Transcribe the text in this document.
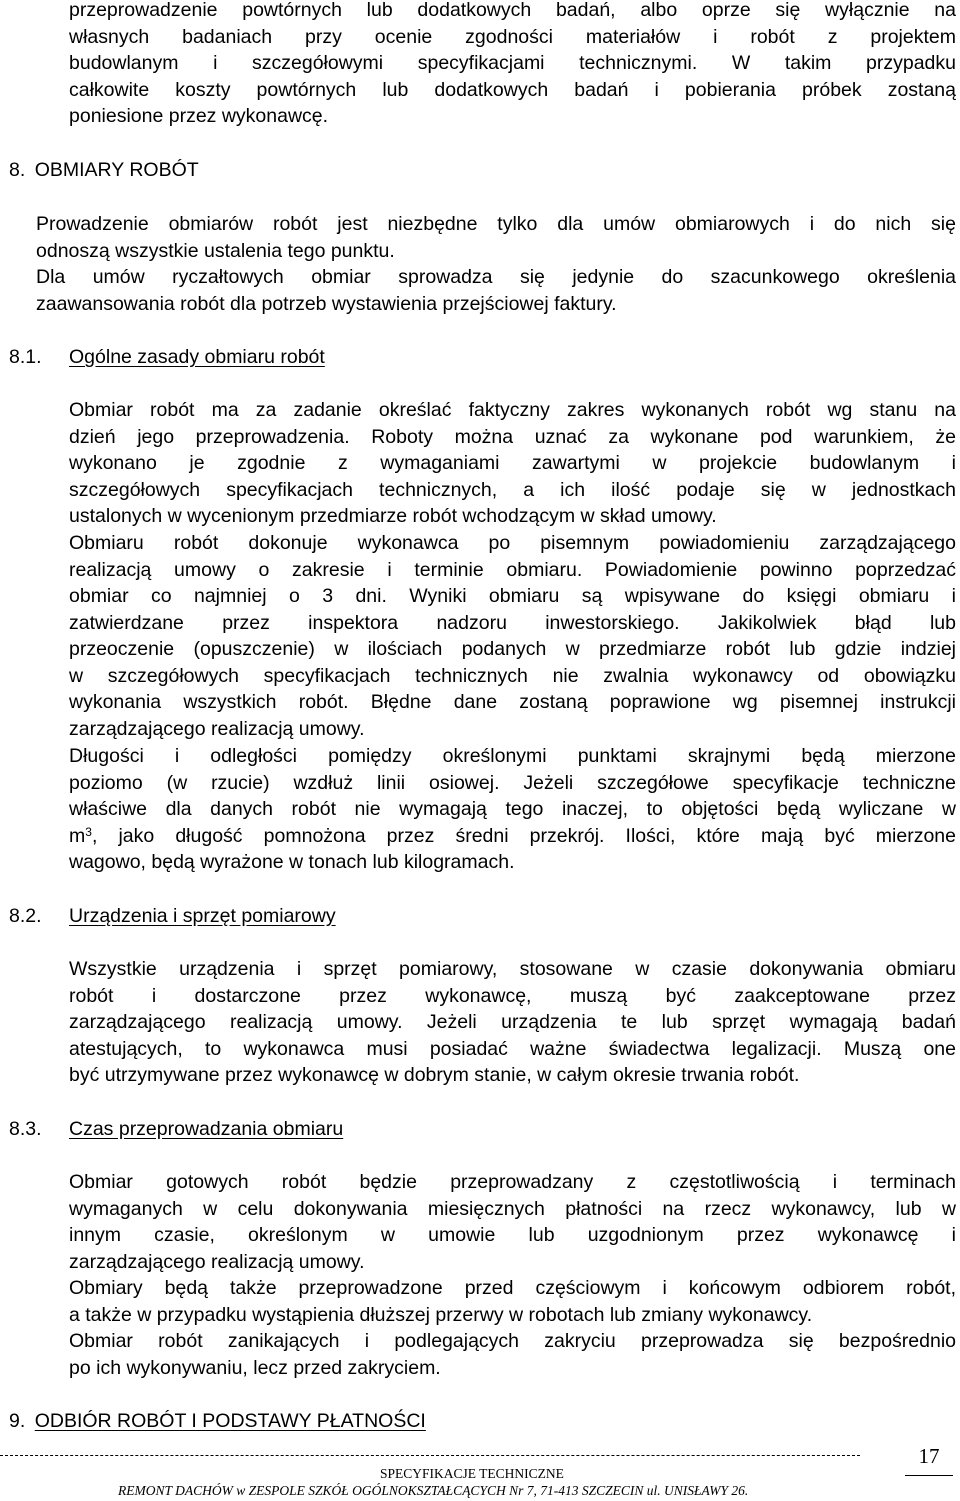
przeprowadzenie powtórnych lub dodatkowych badań, albo oprze się wyłącznie na

własnych badaniach przy ocenie zgodności materiałów i robót z projektem

budowlanym i szczegółowymi specyfikacjami technicznymi. W takim przypadku

całkowite koszty powtórnych lub dodatkowych badań i pobierania próbek zostaną

poniesione przez wykonawcę.

8. OBMIARY ROBÓT

Prowadzenie obmiarów robót jest niezbędne tylko dla umów obmiarowych i do nich się

odnoszą wszystkie ustalenia tego punktu.

Dla umów ryczałtowych obmiar sprowadza się jedynie do szacunkowego określenia

zaawansowania robót dla potrzeb wystawienia przejściowej faktury.

8.1. Ogólne zasady obmiaru robót

Obmiar robót ma za zadanie określać faktyczny zakres wykonanych robót wg stanu na

dzień jego przeprowadzenia. Roboty można uznać za wykonane pod warunkiem, że

wykonano je zgodnie z wymaganiami zawartymi w projekcie budowlanym i

szczegółowych specyfikacjach technicznych, a ich ilość podaje się w jednostkach

ustalonych w wycenionym przedmiarze robót wchodzącym w skład umowy.

Obmiaru robót dokonuje wykonawca po pisemnym powiadomieniu zarządzającego

realizacją umowy o zakresie i terminie obmiaru. Powiadomienie powinno poprzedzać

obmiar co najmniej o 3 dni. Wyniki obmiaru są wpisywane do księgi obmiaru i

zatwierdzane przez inspektora nadzoru inwestorskiego. Jakikolwiek błąd lub

przeoczenie (opuszczenie) w ilościach podanych w przedmiarze robót lub gdzie indziej

w szczegółowych specyfikacjach technicznych nie zwalnia wykonawcy od obowiązku

wykonania wszystkich robót. Błędne dane zostaną poprawione wg pisemnej instrukcji

zarządzającego realizacją umowy.

Długości i odległości pomiędzy określonymi punktami skrajnymi będą mierzone

poziomo (w rzucie) wzdłuż linii osiowej. Jeżeli szczegółowe specyfikacje techniczne

właściwe dla danych robót nie wymagają tego inaczej, to objętości będą wyliczane w

$m^3$, jako długość pomnożona przez średni przekrój. Ilości, które mają być mierzone

wagowo, będą wyrażone w tonach lub kilogramach.

8.2. Urządzenia i sprzęt pomiarowy

Wszystkie urządzenia i sprzęt pomiarowy, stosowane w czasie dokonywania obmiaru

robót i dostarczone przez wykonawcę, muszą być zaakceptowane przez

zarządzającego realizacją umowy. Jeżeli urządzenia te lub sprzęt wymagają badań

atestujących, to wykonawca musi posiadać ważne świadectwa legalizacji. Muszą one

być utrzymywane przez wykonawcę w dobrym stanie, w całym okresie trwania robót.

8.3. Czas przeprowadzania obmiaru

Obmiar gotowych robót będzie przeprowadzany z częstotliwością i terminach

wymaganych w celu dokonywania miesięcznych płatności na rzecz wykonawcy, lub w

innym czasie, określonym w umowie lub uzgodnionym przez wykonawcę i

zarządzającego realizacją umowy.

Obmiary będą także przeprowadzone przed częściowym i końcowym odbiorem robót,

a także w przypadku wystąpienia dłuższej przerwy w robotach lub zmiany wykonawcy.

Obmiar robót zanikających i podlegających zakryciu przeprowadza się bezpośrednio

po ich wykonywaniu, lecz przed zakryciem.

9. ODBIÓR ROBÓT I PODSTAWY PŁATNOŚCI
17
SPECYFIKACJE TECHNICZNE
REMONT DACHÓW w ZESPOLE SZKÓŁ OGÓLNOKSZTAŁCĄCYCH Nr 7, 71-413 SZCZECIN ul. UNISŁAWY 26.
